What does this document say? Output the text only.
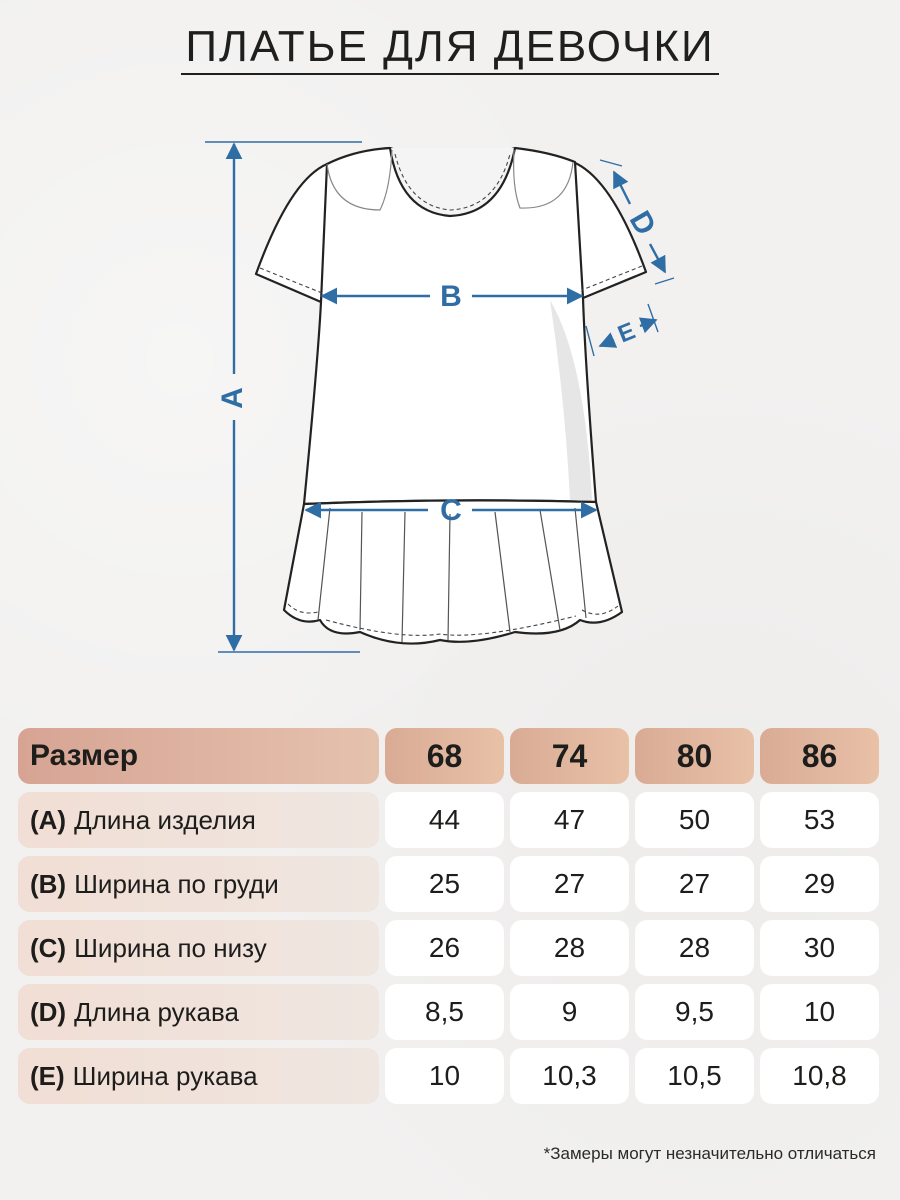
ПЛАТЬЕ ДЛЯ ДЕВОЧКИ
A
B
C
D
E
Размер	68	74	80	86
(A) Длина изделия	44	47	50	53
(B) Ширина по груди	25	27	27	29
(C) Ширина по низу	26	28	28	30
(D) Длина рукава	8,5	9	9,5	10
(E) Ширина рукава	10	10,3	10,5	10,8
*Замеры могут незначительно отличаться
